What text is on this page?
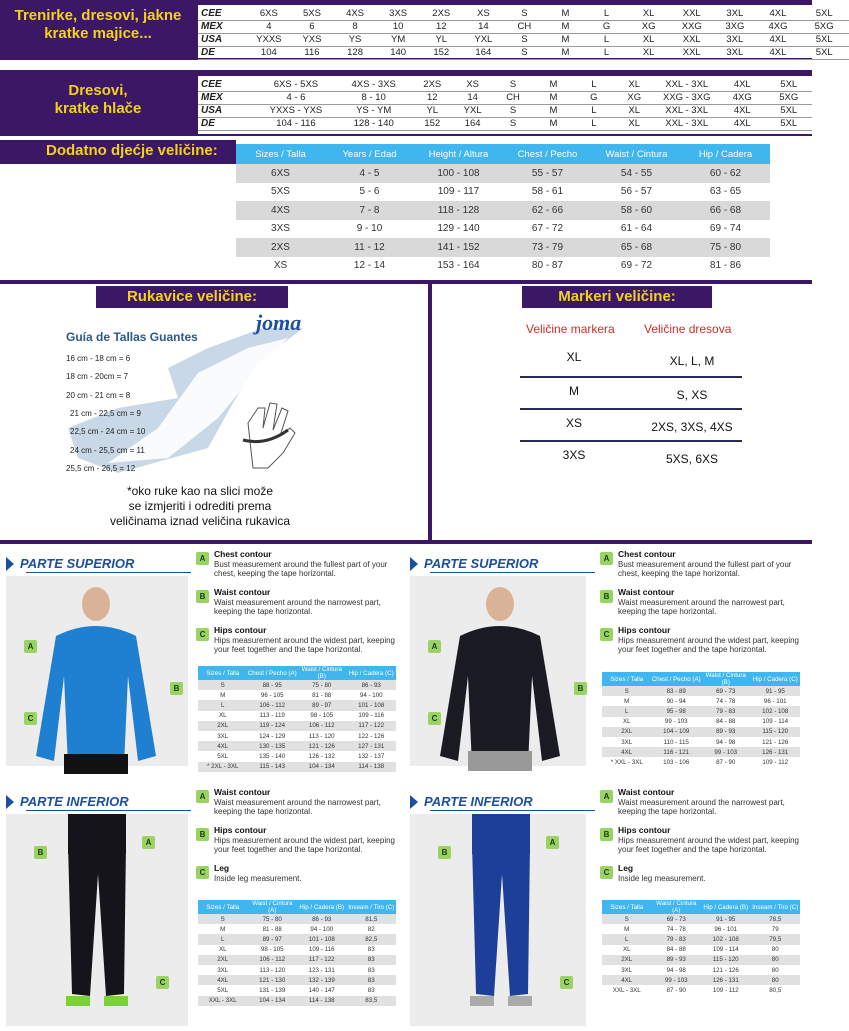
Trenirke, dresovi, jakne
kratke majice...
CEE	6XS	5XS	4XS	3XS	2XS	XS	S	M	L	XL	XXL	3XL	4XL	5XL
MEX	4	6	8	10	12	14	CH	M	G	XG	XXG	3XG	4XG	5XG
USA	YXXS	YXS	YS	YM	YL	YXL	S	M	L	XL	XXL	3XL	4XL	5XL
DE	104	116	128	140	152	164	S	M	L	XL	XXL	3XL	4XL	5XL
Dresovi,
kratke hlače
CEE	6XS - 5XS	4XS - 3XS	2XS	XS	S	M	L	XL	XXL - 3XL	4XL	5XL
MEX	4 - 6	8 - 10	12	14	CH	M	G	XG	XXG - 3XG	4XG	5XG
USA	YXXS - YXS	YS - YM	YL	YXL	S	M	L	XL	XXL - 3XL	4XL	5XL
DE	104 - 116	128 - 140	152	164	S	M	L	XL	XXL - 3XL	4XL	5XL
Dodatno djećje veličine:	Sizes / Talla	Years / Edad	Height / Altura	Chest / Pecho	Waist / Cintura	Hip / Cadera
6XS	4 - 5	100 - 108	55 - 57	54 - 55	60 - 62
5XS	5 - 6	109 - 117	58 - 61	56 - 57	63 - 65
4XS	7 - 8	118 - 128	62 - 66	58 - 60	66 - 68
3XS	9 - 10	129 - 140	67 - 72	61 - 64	69 - 74
2XS	11 - 12	141 - 152	73 - 79	65 - 68	75 - 80
XS	12 - 14	153 - 164	80 - 87	69 - 72	81 - 86
Rukavice veličine:
Guía de Tallas Guantes
joma
16 cm - 18 cm = 6
18 cm - 20cm = 7
20 cm - 21 cm = 8
21 cm - 22,5 cm = 9
22,5 cm - 24 cm = 10
24 cm - 25,5 cm = 11
25,5 cm - 26,5 = 12
*oko ruke kao na slici može
se izmjeriti i odrediti prema
veličinama iznad veličina rukavica
Markeri veličine:
Veličine markera Veličine dresova
XL	XL, L, M
M	S, XS
XS	2XS, 3XS, 4XS
3XS	5XS, 6XS
PARTE SUPERIOR
A
B
C
A	Chest contour
Bust measurement around the fullest part of your chest, keeping the tape horizontal.
B	Waist contour
Waist measurement around the narrowest part, keeping the tape horizontal.
C	Hips contour
Hips measurement around the widest part, keeping your feet together and the tape horizontal.
Sizes / Talla	Chest / Pecho (A)	Waist / Cintura (B)	Hip / Cadera (C)
S	88 - 95	75 - 80	86 - 93
M	96 - 105	81 - 88	94 - 100
L	106 - 112	89 - 97	101 - 108
XL	113 - 119	98 - 105	109 - 116
2XL	119 - 124	106 - 112	117 - 122
3XL	124 - 129	113 - 120	122 - 126
4XL	130 - 135	121 - 126	127 - 131
5XL	135 - 140	126 - 132	132 - 137
* 2XL - 3XL	115 - 143	104 - 134	114 - 138
PARTE SUPERIOR
A
B
C
A	Chest contour
Bust measurement around the fullest part of your chest, keeping the tape horizontal.
B	Waist contour
Waist measurement around the narrowest part, keeping the tape horizontal.
C	Hips contour
Hips measurement around the widest part, keeping your feet together and the tape horizontal.
Sizes / Talla	Chest / Pecho (A)	Waist / Cintura (B)	Hip / Cadera (C)
S	83 - 89	69 - 73	91 - 95
M	90 - 94	74 - 78	96 - 101
L	95 - 98	79 - 83	102 - 108
XL	99 - 103	84 - 88	109 - 114
2XL	104 - 109	89 - 93	115 - 120
3XL	110 - 115	94 - 98	121 - 126
4XL	116 - 121	99 - 103	126 - 131
* XXL - 3XL	103 - 106	87 - 90	109 - 112
PARTE INFERIOR
A
B
C
A	Waist contour
Waist measurement around the narrowest part, keeping the tape horizontal.
B	Hips contour
Hips measurement around the widest part, keeping your feet together and the tape horizontal.
C	Leg
Inside leg measurement.
Sizes / Talla	Waist / Cintura (A)	Hip / Cadera (B)	Inseam / Tiro (C)
S	75 - 80	86 - 93	81,5
M	81 - 88	94 - 100	82
L	89 - 97	101 - 108	82,5
XL	98 - 105	109 - 116	83
2XL	106 - 112	117 - 122	83
3XL	113 - 120	123 - 131	83
4XL	121 - 130	132 - 139	83
5XL	131 - 139	140 - 147	83
XXL - 3XL	104 - 134	114 - 138	83,5
PARTE INFERIOR
A
B
C
A	Waist contour
Waist measurement around the narrowest part, keeping the tape horizontal.
B	Hips contour
Hips measurement around the widest part, keeping your feet together and the tape horizontal.
C	Leg
Inside leg measurement.
Sizes / Talla	Waist / Cintura (A)	Hip / Cadera (B)	Inseam / Tiro (C)
S	69 - 73	91 - 95	78,5
M	74 - 78	96 - 101	79
L	79 - 83	102 - 108	79,5
XL	84 - 88	109 - 114	80
2XL	89 - 93	115 - 120	80
3XL	94 - 98	121 - 126	80
4XL	99 - 103	126 - 131	80
XXL - 3XL	87 - 90	109 - 112	80,5
